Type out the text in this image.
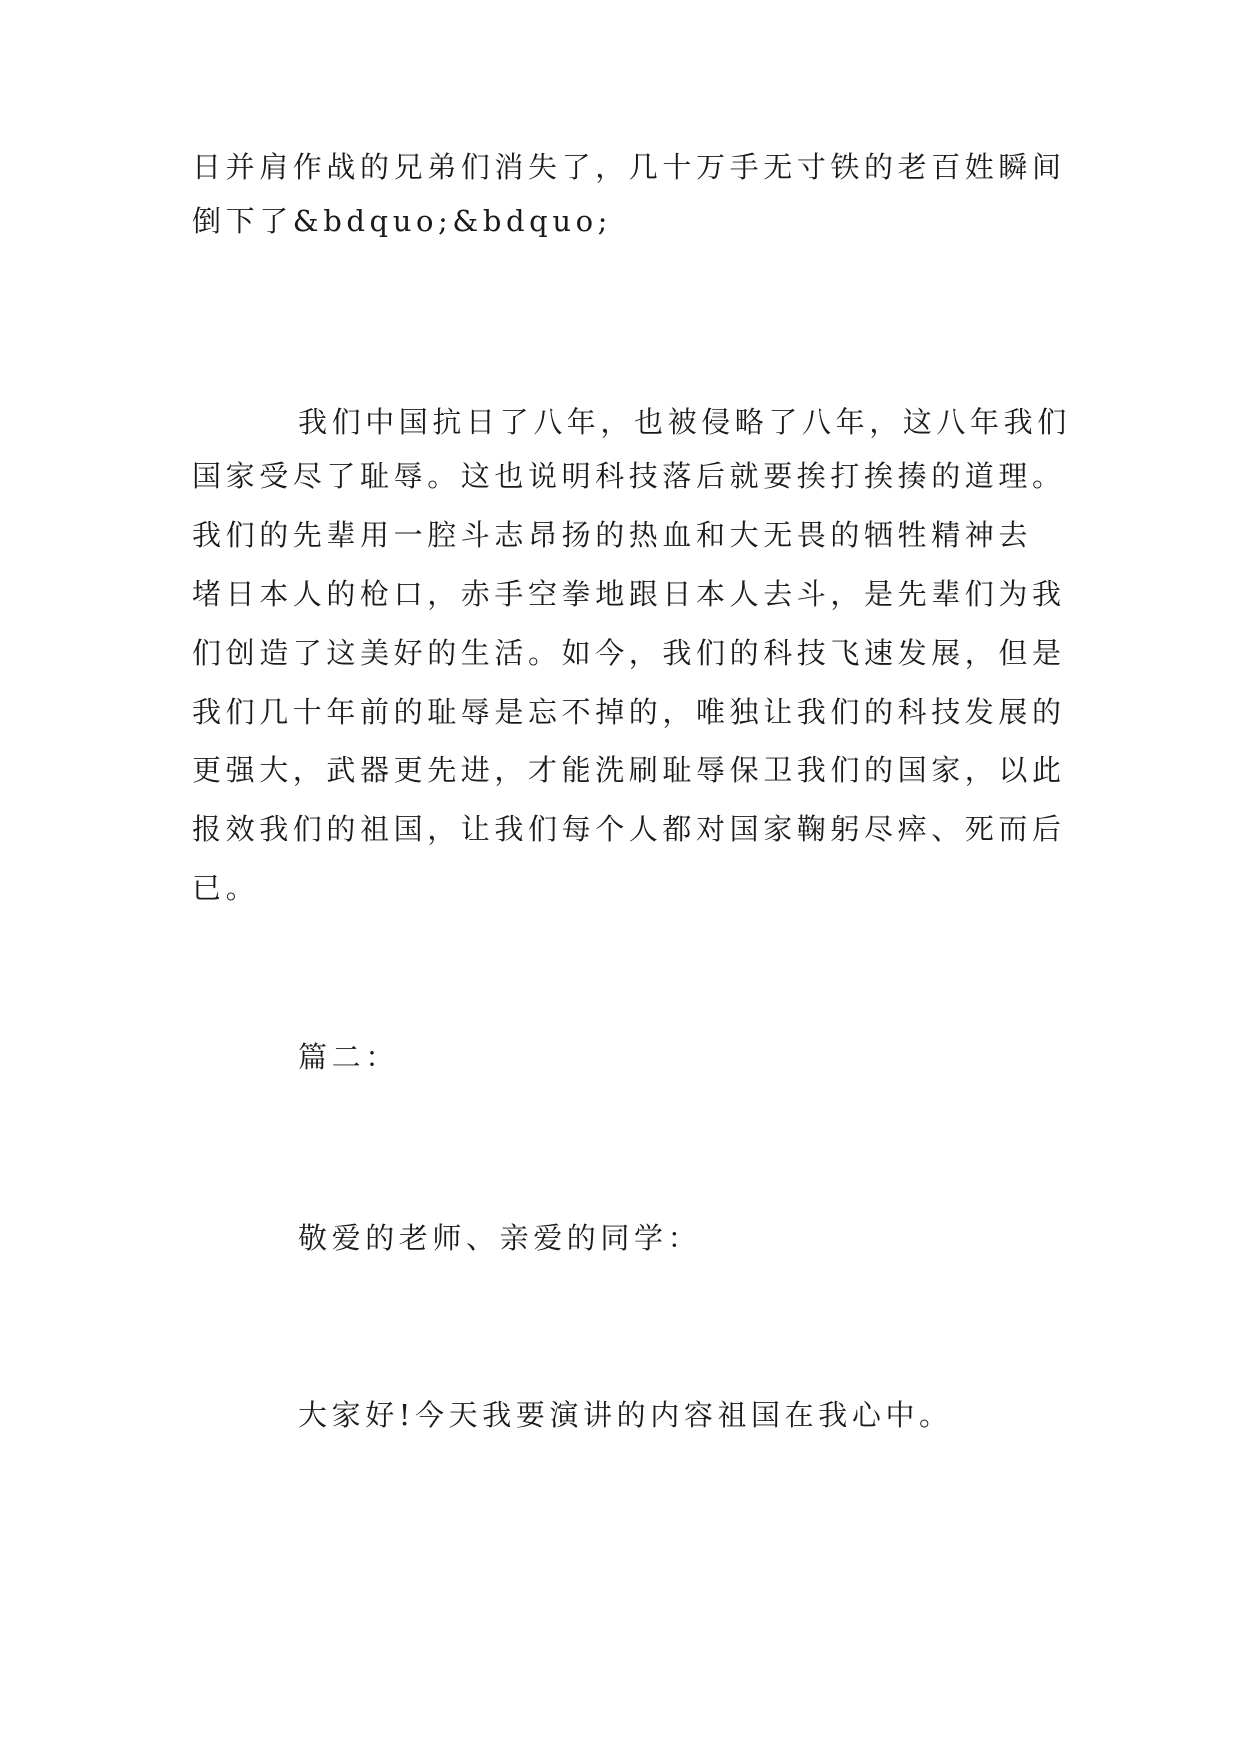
日并肩作战的兄弟们消失了，几十万手无寸铁的老百姓瞬间
倒下了&bdquo;&bdquo;
我们中国抗日了八年，也被侵略了八年，这八年我们
国家受尽了耻辱。这也说明科技落后就要挨打挨揍的道理。
我们的先辈用一腔斗志昂扬的热血和大无畏的牺牲精神去
堵日本人的枪口，赤手空拳地跟日本人去斗，是先辈们为我
们创造了这美好的生活。如今，我们的科技飞速发展，但是
我们几十年前的耻辱是忘不掉的，唯独让我们的科技发展的
更强大，武器更先进，才能洗刷耻辱保卫我们的国家，以此
报效我们的祖国，让我们每个人都对国家鞠躬尽瘁、死而后
已。
篇二：
敬爱的老师、亲爱的同学：
大家好!今天我要演讲的内容祖国在我心中。
